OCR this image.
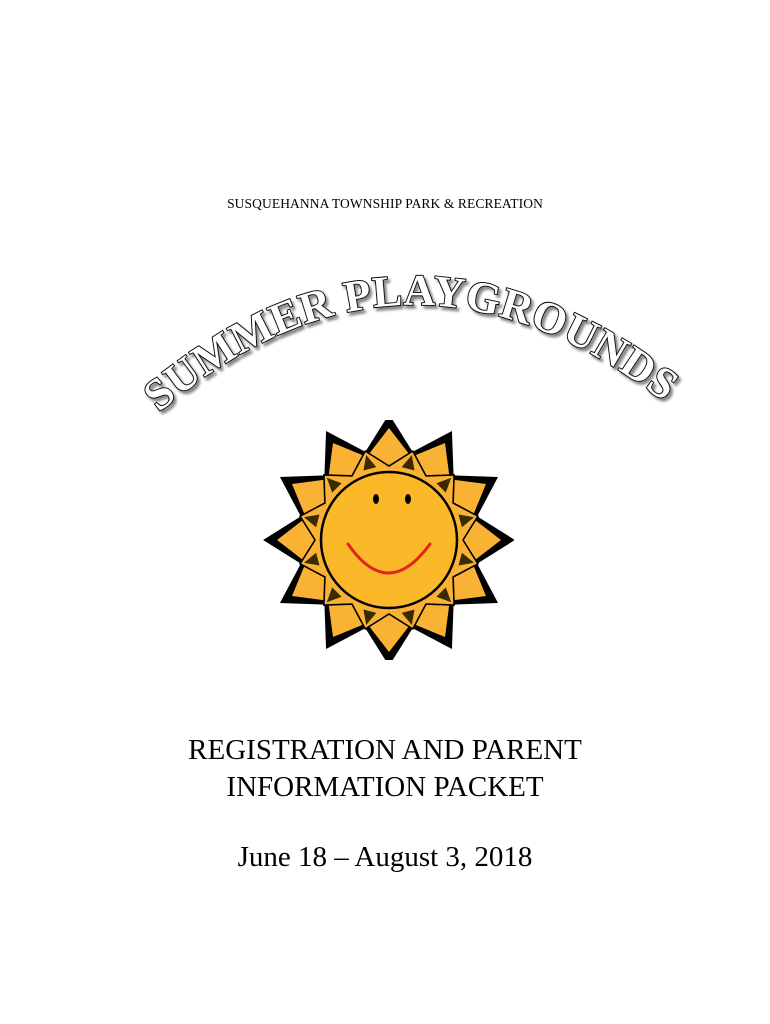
SUSQUEHANNA TOWNSHIP PARK & RECREATION
SUMMER PLAYGROUNDS
REGISTRATION AND PARENT
INFORMATION PACKET
June 18 – August 3, 2018
